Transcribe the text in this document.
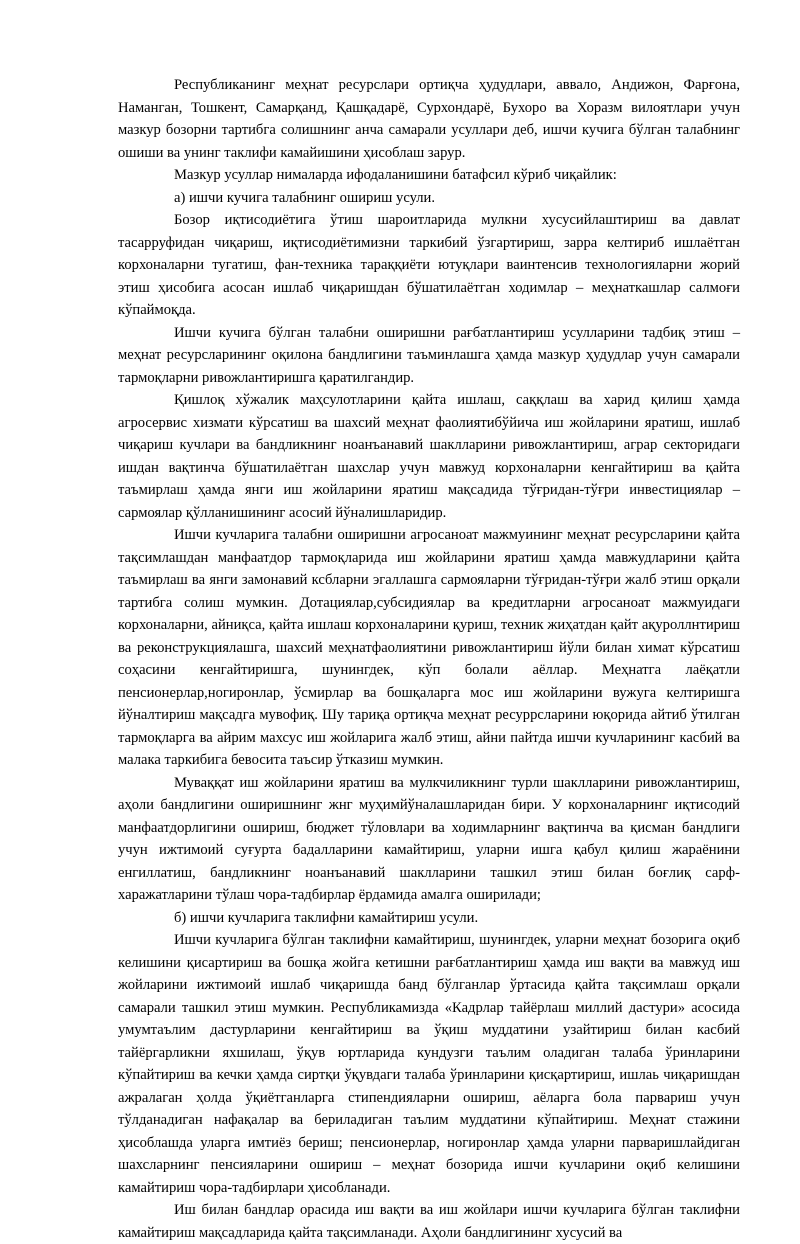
Республиканинг меҳнат ресурслари ортиқча ҳудудлари, аввало, Андижон, Фарғона, Наманган, Тошкент, Самарқанд, Қашқадарё, Сурхондарё, Бухоро ва Хоразм вилоятлари учун мазкур бозорни тартибга солишнинг анча самарали усуллари деб, ишчи кучига бўлган талабнинг ошиши ва унинг таклифи камайишини ҳисоблаш зарур.

Мазкур усуллар нималарда ифодаланишини батафсил кўриб чиқайлик:

а) ишчи кучига талабнинг ошириш усули.

Бозор иқтисодиётига ўтиш шароитларида мулкни хусусийлаштириш ва давлат тасарруфидан чиқариш, иқтисодиётимизни таркибий ўзгартириш, зарра келтириб ишлаётган корхоналарни тугатиш, фан-техника тараққиёти ютуқлари ваинтенсив технологияларни жорий этиш ҳисобига асосан ишлаб чиқаришдан бўшатилаётган ходимлар – меҳнаткашлар салмоғи кўпаймоқда.

Ишчи кучига бўлган талабни оширишни рағбатлантириш усулларини тадбиқ этиш – меҳнат ресурсларининг оқилона бандлигини таъминлашга ҳамда мазкур ҳудудлар учун самарали тармоқларни ривожлантиришга қаратилгандир.

Қишлоқ хўжалик маҳсулотларини қайта ишлаш, саққлаш ва харид қилиш ҳамда агросервис хизмати кўрсатиш ва шахсий меҳнат фаолиятибўйича иш жойларини яратиш, ишлаб чиқариш кучлари ва бандликнинг ноанъанавий шаклларини ривожлантириш, аграр секторидаги ишдан вақтинча бўшатилаётган шахслар учун мавжуд корхоналарни кенгайтириш ва қайта таъмирлаш ҳамда янги иш жойларини яратиш мақсадида тўғридан-тўғри инвестициялар – сармоялар қўлланишининг асосий йўналишларидир.

Ишчи кучларига талабни оширишни агросаноат мажмуининг меҳнат ресурсларини қайта тақсимлашдан манфаатдор тармоқларида иш жойларини яратиш ҳамда мавжудларини қайта таъмирлаш ва янги замонавий ксбларни эгаллашга сармояларни тўғридан-тўғри жалб этиш орқали тартибга солиш мумкин. Дотациялар,субсидиялар ва кредитларни агросаноат мажмуидаги корхоналарни, айниқса, қайта ишлаш корхоналарини қуриш, техник жиҳатдан қайт ақуроллнтириш ва реконструкциялашга, шахсий меҳнатфаолиятини ривожлантириш йўли билан химат кўрсатиш соҳасини кенгайтиришга, шунингдек, кўп болали аёллар. Меҳнатга лаёқатли пенсионерлар,ногиронлар, ўсмирлар ва бошқаларга мос иш жойларини вужуга келтиришга йўналтириш мақсадга мувофиқ. Шу тариқа ортиқча меҳнат ресуррсларини юқорида айтиб ўтилган тармоқларга ва айрим махсус иш жойларига жалб этиш, айни пайтда ишчи кучларининг касбий ва малака таркибига бевосита таъсир ўтказиш мумкин.

Муваққат иш жойларини яратиш ва мулкчиликнинг турли шаклларини ривожлантириш, аҳоли бандлигини оширишнинг жнг муҳимйўналашларидан бири. У корхоналарнинг иқтисодий манфаатдорлигини ошириш, бюджет тўловлари ва ходимларнинг вақтинча ва қисман бандлиги учун ижтимоий суғурта бадалларини камайтириш, уларни ишга қабул қилиш жараёнини енгиллатиш, бандликнинг ноанъанавий шаклларини ташкил этиш билан боғлиқ сарф-харажатларини тўлаш чора-тадбирлар ёрдамида амалга оширилади;

б) ишчи кучларига таклифни камайтириш усули.

Ишчи кучларига бўлган таклифни камайтириш, шунингдек, уларни меҳнат бозорига оқиб келишини қисартириш ва бошқа жойга кетишни рағбатлантириш ҳамда иш вақти ва мавжуд иш жойларини ижтимоий ишлаб чиқаришда банд бўлганлар ўртасида қайта тақсимлаш орқали самарали ташкил этиш мумкин. Республикамизда «Кадрлар тайёрлаш миллий дастури» асосида умумтаълим дастурларини кенгайтириш ва ўқиш муддатини узайтириш билан касбий тайёргарликни яхшилаш, ўқув юртларида кундузги таълим оладиган талаба ўринларини кўпайтириш ва кечки ҳамда сиртқи ўқувдаги талаба ўринларини қисқартириш, ишлаь чиқаришдан ажралаган ҳолда ўқиётганларга стипендияларни ошириш, аёларга бола парвариш учун тўлданадиган нафақалар ва бериладиган таълим муддатини кўпайтириш. Меҳнат стажини ҳисоблашда уларга имтиёз бериш; пенсионерлар, ногиронлар ҳамда уларни парваришлайдиган шахсларнинг пенсияларини ошириш – меҳнат бозорида ишчи кучларини оқиб келишини камайтириш чора-тадбирлари ҳисобланади.

Иш билан бандлар орасида иш вақти ва иш жойлари ишчи кучларига бўлган таклифни камайтириш мақсадларида қайта тақсимланади. Аҳоли бандлигининг хусусий ва
